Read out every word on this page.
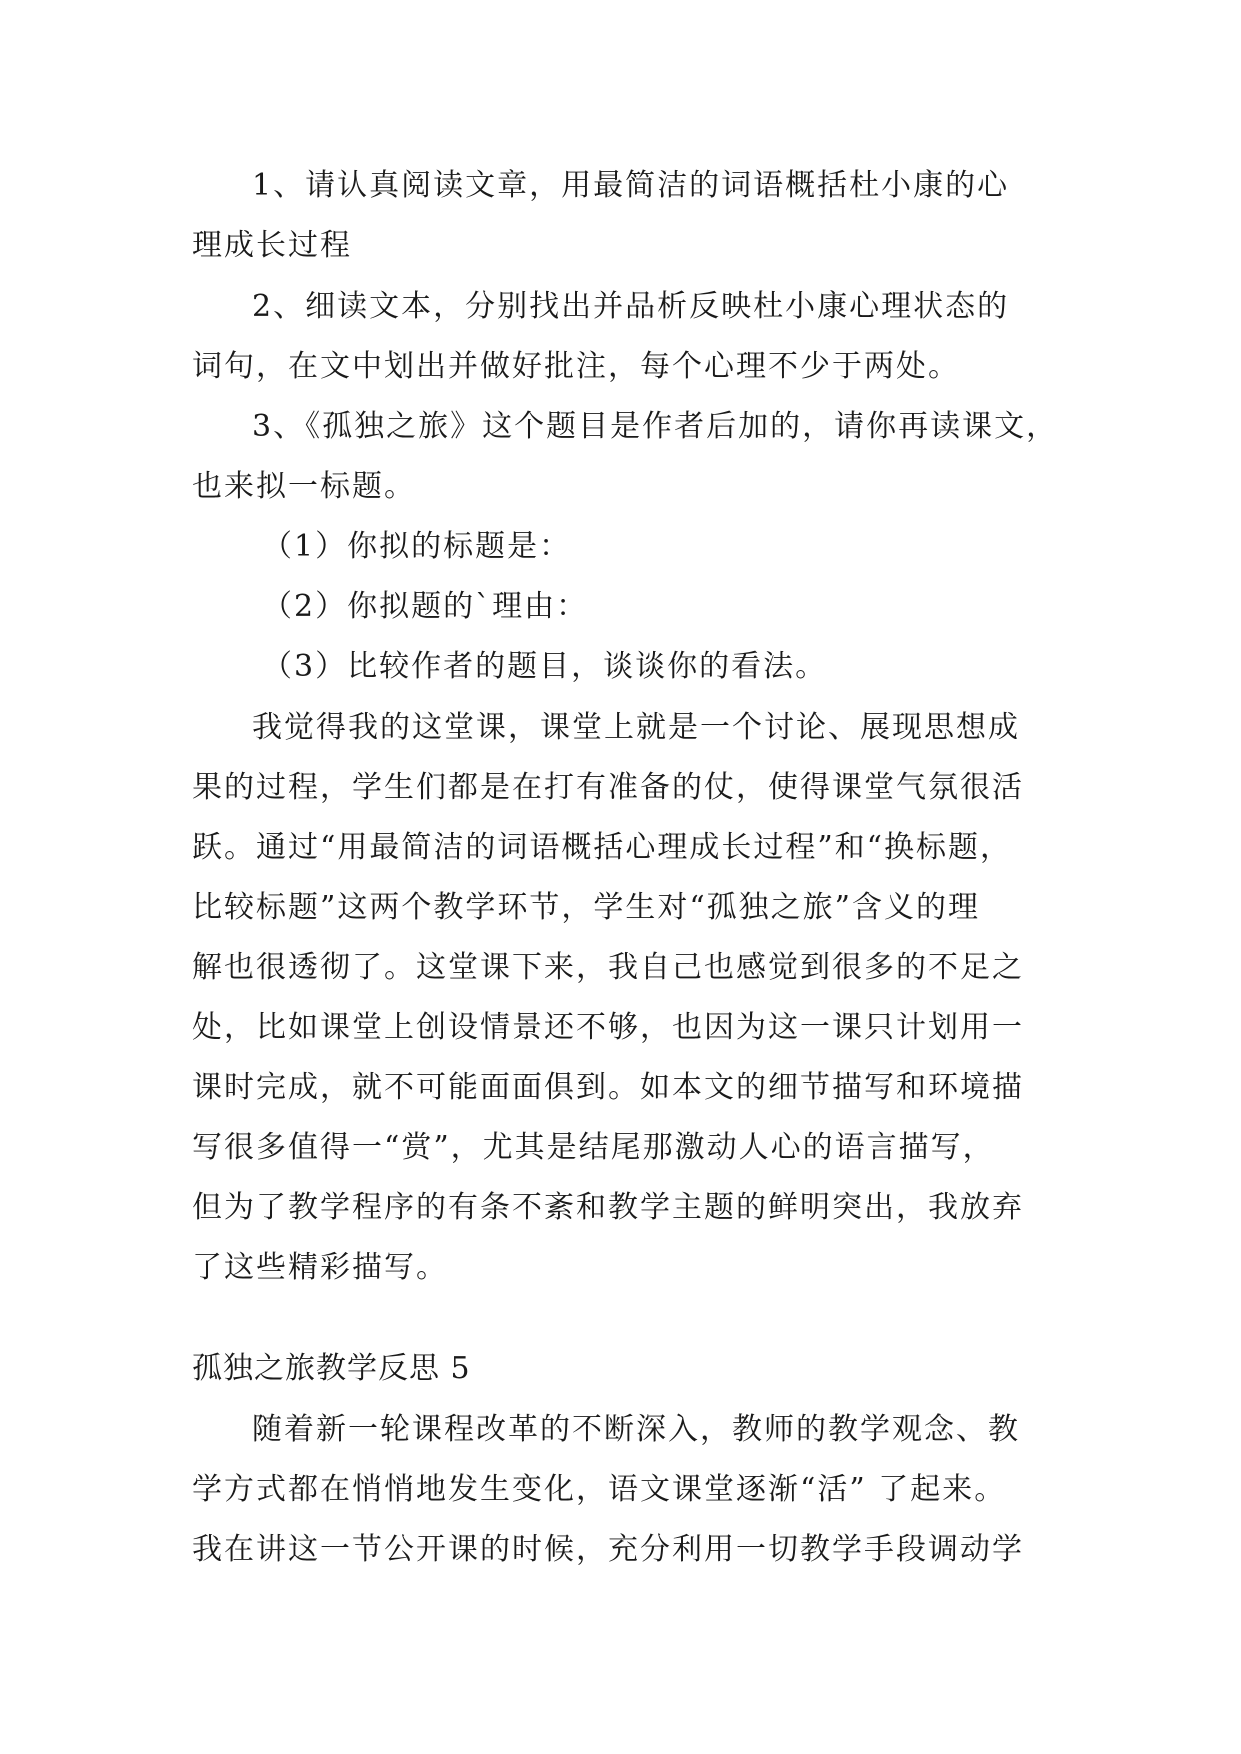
1、请认真阅读文章，用最简洁的词语概括杜小康的心
理成长过程
2、细读文本，分别找出并品析反映杜小康心理状态的
词句，在文中划出并做好批注，每个心理不少于两处。
3、《孤独之旅》这个题目是作者后加的，请你再读课文，
也来拟一标题。
（1）你拟的标题是：
（2）你拟题的`理由：
（3）比较作者的题目，谈谈你的看法。
我觉得我的这堂课，课堂上就是一个讨论、展现思想成
果的过程，学生们都是在打有准备的仗，使得课堂气氛很活
跃。通过“用最简洁的词语概括心理成长过程”和“换标题，
比较标题”这两个教学环节，学生对“孤独之旅”含义的理
解也很透彻了。这堂课下来，我自己也感觉到很多的不足之
处，比如课堂上创设情景还不够，也因为这一课只计划用一
课时完成，就不可能面面俱到。如本文的细节描写和环境描
写很多值得一“赏”，尤其是结尾那激动人心的语言描写，
但为了教学程序的有条不紊和教学主题的鲜明突出，我放弃
了这些精彩描写。
孤独之旅教学反思 5
随着新一轮课程改革的不断深入，教师的教学观念、教
学方式都在悄悄地发生变化，语文课堂逐渐“活” 了起来。
我在讲这一节公开课的时候，充分利用一切教学手段调动学
